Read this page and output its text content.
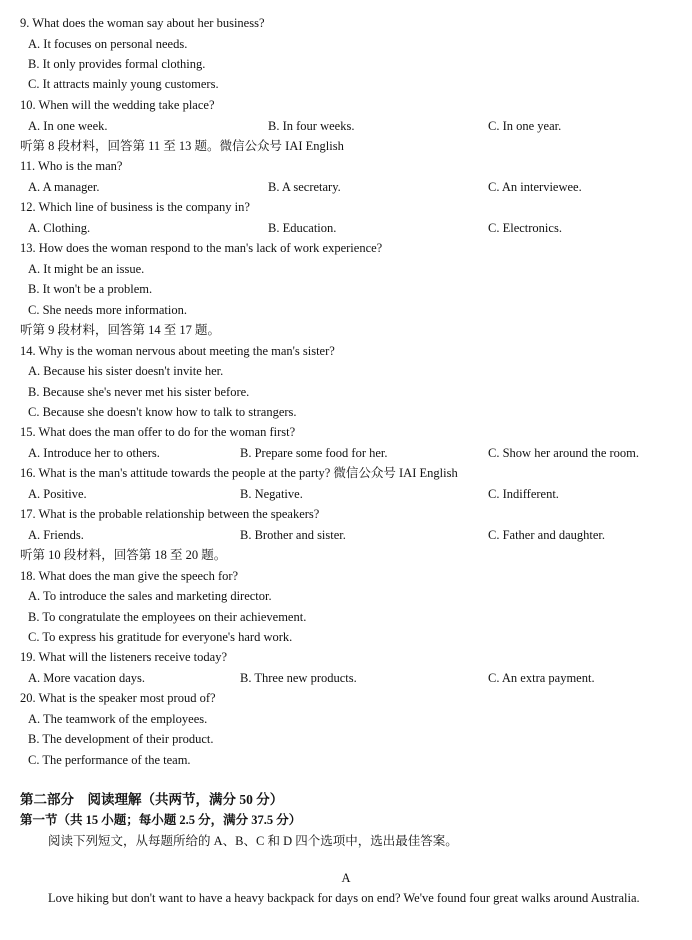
9. What does the woman say about her business?
A. It focuses on personal needs.
B. It only provides formal clothing.
C. It attracts mainly young customers.
10. When will the wedding take place?
A. In one week.	B. In four weeks.	C. In one year.
听第 8 段材料，回答第 11 至 13 题。微信公众号 IAI English
11. Who is the man?
A. A manager.	B. A secretary.	C. An interviewee.
12. Which line of business is the company in?
A. Clothing.	B. Education.	C. Electronics.
13. How does the woman respond to the man's lack of work experience?
A. It might be an issue.
B. It won't be a problem.
C. She needs more information.
听第 9 段材料，回答第 14 至 17 题。
14. Why is the woman nervous about meeting the man's sister?
A. Because his sister doesn't invite her.
B. Because she's never met his sister before.
C. Because she doesn't know how to talk to strangers.
15. What does the man offer to do for the woman first?
A. Introduce her to others.	B. Prepare some food for her.	C. Show her around the room.
16. What is the man's attitude towards the people at the party? 微信公众号 IAI English
A. Positive.	B. Negative.	C. Indifferent.
17. What is the probable relationship between the speakers?
A. Friends.	B. Brother and sister.	C. Father and daughter.
听第 10 段材料，回答第 18 至 20 题。
18. What does the man give the speech for?
A. To introduce the sales and marketing director.
B. To congratulate the employees on their achievement.
C. To express his gratitude for everyone's hard work.
19. What will the listeners receive today?
A. More vacation days.	B. Three new products.	C. An extra payment.
20. What is the speaker most proud of?
A. The teamwork of the employees.
B. The development of their product.
C. The performance of the team.
第二部分　阅读理解（共两节，满分 50 分）
第一节（共 15 小题；每小题 2.5 分，满分 37.5 分）
阅读下列短文，从每题所给的 A、B、C 和 D 四个选项中，选出最佳答案。
A
Love hiking but don't want to have a heavy backpack for days on end? We've found four great walks around Australia.
